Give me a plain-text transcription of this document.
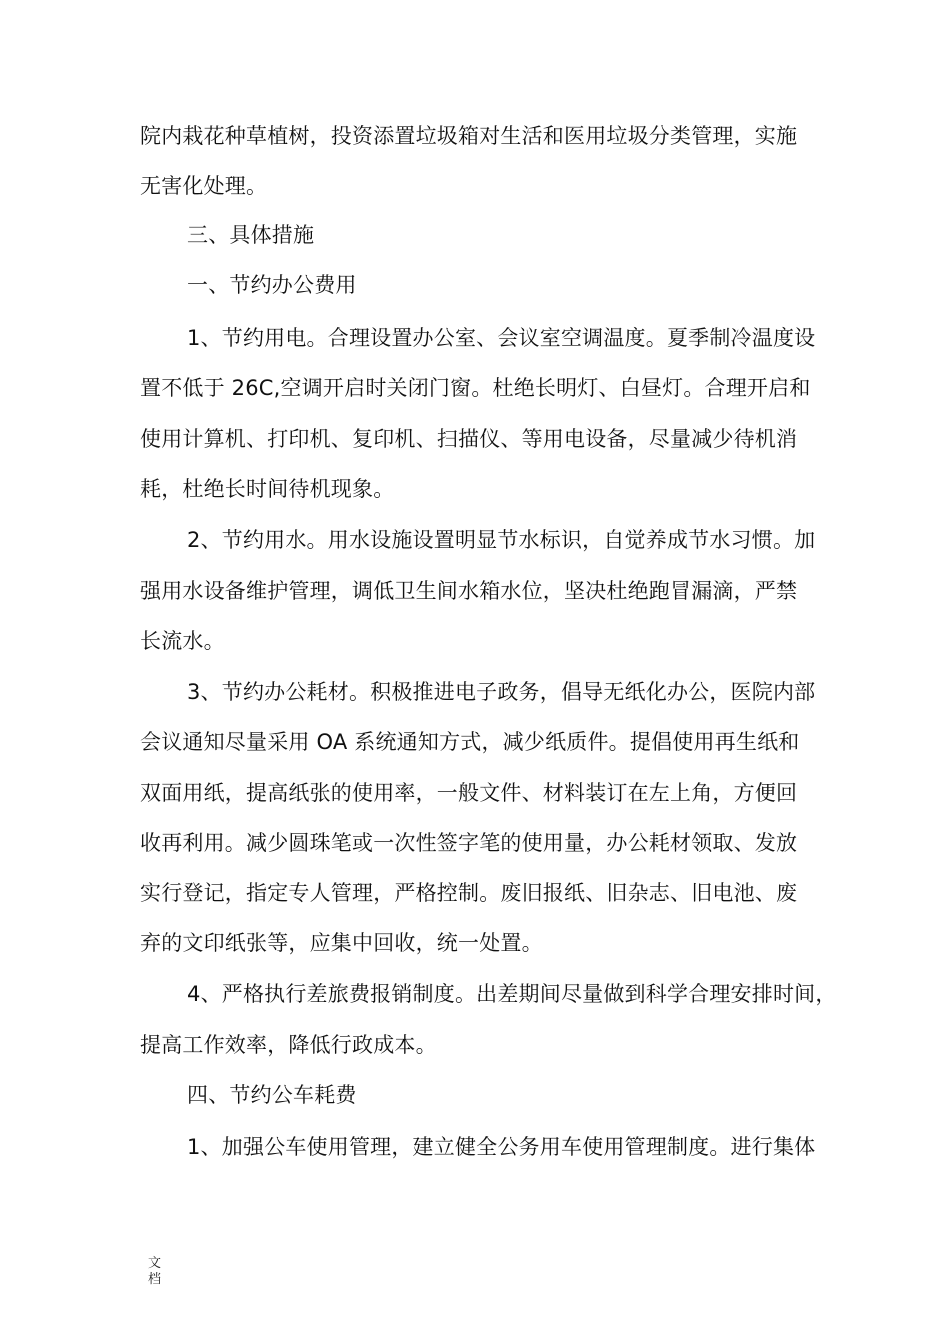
院内栽花种草植树，投资添置垃圾箱对生活和医用垃圾分类管理，实施
无害化处理。
三、具体措施
一、节约办公费用
1、节约用电。合理设置办公室、会议室空调温度。夏季制冷温度设
置不低于 26C,空调开启时关闭门窗。杜绝长明灯、白昼灯。合理开启和
使用计算机、打印机、复印机、扫描仪、等用电设备，尽量减少待机消
耗，杜绝长时间待机现象。
2、节约用水。用水设施设置明显节水标识，自觉养成节水习惯。加
强用水设备维护管理，调低卫生间水箱水位，坚决杜绝跑冒漏滴，严禁
长流水。
3、节约办公耗材。积极推进电子政务，倡导无纸化办公，医院内部
会议通知尽量采用 OA 系统通知方式，减少纸质件。提倡使用再生纸和
双面用纸，提高纸张的使用率，一般文件、材料装订在左上角，方便回
收再利用。减少圆珠笔或一次性签字笔的使用量，办公耗材领取、发放
实行登记，指定专人管理，严格控制。废旧报纸、旧杂志、旧电池、废
弃的文印纸张等，应集中回收，统一处置。
4、严格执行差旅费报销制度。出差期间尽量做到科学合理安排时间，
提高工作效率，降低行政成本。
四、节约公车耗费
1、加强公车使用管理，建立健全公务用车使用管理制度。进行集体
文档
